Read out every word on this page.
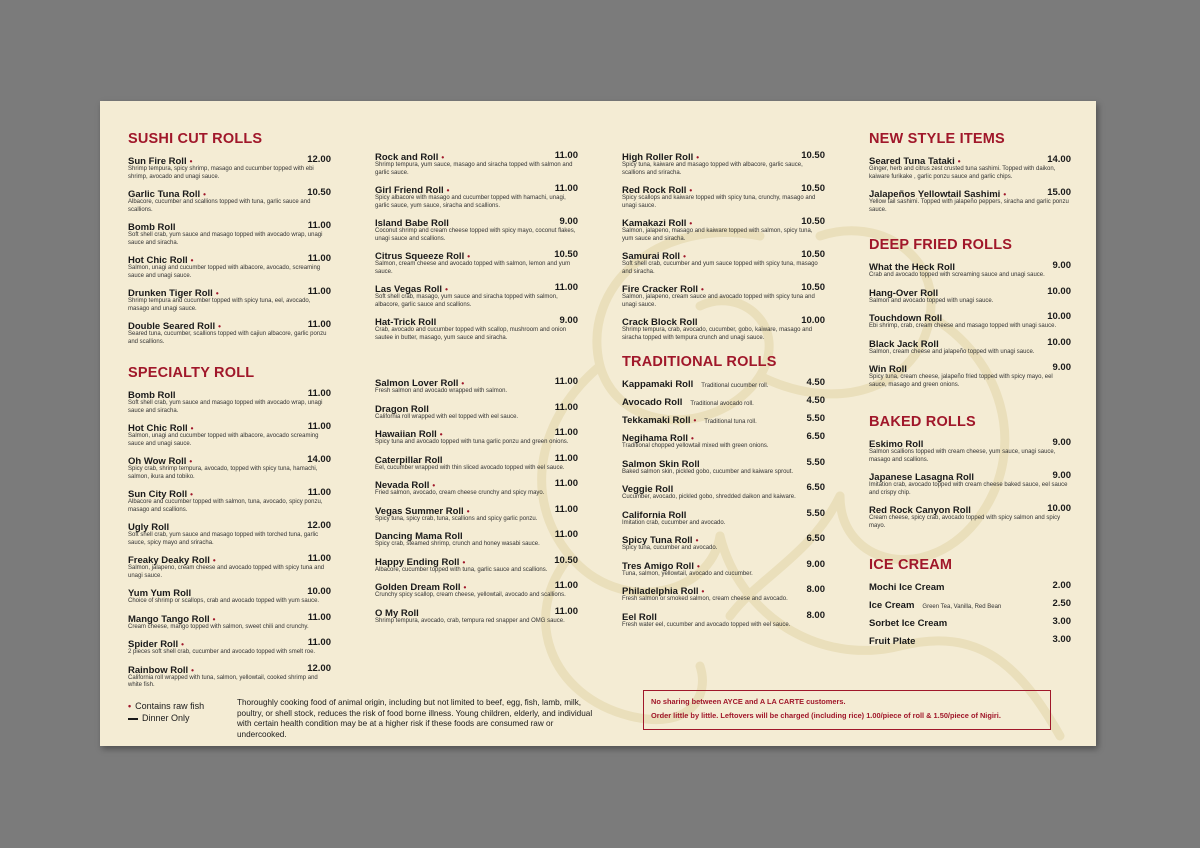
SUSHI CUT ROLLS
Sun Fire Roll •	12.00
Shrimp tempura, spicy shrimp, masago and cucumber topped with ebi shrimp, avocado and unagi sauce.
Garlic Tuna Roll •	10.50
Albacore, cucumber and scallions topped with tuna, garlic sauce and scallions.
Bomb Roll	11.00
Soft shell crab, yum sauce and masago topped with avocado wrap, unagi sauce and siracha.
Hot Chic Roll •	11.00
Salmon, unagi and cucumber topped with albacore, avocado, screaming sauce and unagi sauce.
Drunken Tiger Roll •	11.00
Shrimp tempura and cucumber topped with spicy tuna, eel, avocado, masago and unagi sauce.
Double Seared Roll •	11.00
Seared tuna, cucumber, scallions topped with cajiun albacore, garlic ponzu and scallions.
SPECIALTY ROLL
Bomb Roll	11.00
Soft shell crab, yum sauce and masago topped with avocado wrap, unagi sauce and siracha.
Hot Chic Roll •	11.00
Salmon, unagi and cucumber topped with albacore, avocado screaming sauce and unagi sauce.
Oh Wow Roll •	14.00
Spicy crab, shrimp tempura, avocado, topped with spicy tuna, hamachi, salmon, ikura and tobiko.
Sun City Roll •	11.00
Albacore and cucumber topped with salmon, tuna, avocado, spicy ponzu, masago and scallions.
Ugly Roll	12.00
Soft shell crab, yum sauce and masago topped with torched tuna, garlic sauce, spicy mayo and sriracha.
Freaky Deaky Roll •	11.00
Salmon, jalapeno, cream cheese and avocado topped with spicy tuna and unagi sauce.
Yum Yum Roll	10.00
Choice of shrimp or scallops, crab and avocado topped with yum sauce.
Mango Tango Roll •	11.00
Cream cheese, mango topped with salmon, sweet chili and crunchy.
Spider Roll •	11.00
2 pieces soft shell crab, cucumber and avocado topped with smelt roe.
Rainbow Roll •	12.00
California roll wrapped with tuna, salmon, yellowtail, cooked shrimp and white fish.
Rock and Roll •	11.00
Shrimp tempura, yum sauce, masago and siracha topped with salmon and garlic sauce.
Girl Friend Roll •	11.00
Spicy albacore with masago and cucumber topped with hamachi, unagi, garlic sauce, yum sauce, siracha and scallions.
Island Babe Roll	9.00
Coconut shrimp and cream cheese topped with spicy mayo, coconut flakes, unagi sauce and scallions.
Citrus Squeeze Roll •	10.50
Salmon, cream cheese and avocado topped with salmon, lemon and yum sauce.
Las Vegas Roll •	11.00
Soft shell crab, masago, yum sauce and siracha topped with salmon, albacore, garlic sauce and scallions.
Hat-Trick Roll	9.00
Crab, avocado and cucumber topped with scallop, mushroom and onion sautee in butter, masago, yum sauce and siracha.
Salmon Lover Roll •	11.00
Fresh salmon and avocado wrapped with salmon.
Dragon Roll	11.00
California roll wrapped with eel topped with eel sauce.
Hawaiian Roll •	11.00
Spicy tuna and avocado topped with tuna garlic ponzu and green onions.
Caterpillar Roll	11.00
Eel, cucumber wrapped with thin sliced avocado topped with eel sauce.
Nevada Roll •	11.00
Fried salmon, avocado, cream cheese crunchy and spicy mayo.
Vegas Summer Roll •	11.00
Spicy tuna, spicy crab, tuna, scallions and spicy garlic ponzu.
Dancing Mama Roll	11.00
Spicy crab, steamed shrimp, crunch and honey wasabi sauce.
Happy Ending Roll •	10.50
Albacore, cucumber topped with tuna, garlic sauce and scallions.
Golden Dream Roll •	11.00
Crunchy spicy scallop, cream cheese, yellowtail, avocado and scallions.
O My Roll	11.00
Shrimp tempura, avocado, crab, tempura red snapper and OMG sauce.
High Roller Roll •	10.50
Spicy tuna, kaiware and masago topped with albacore, garlic sauce, scallions and sriracha.
Red Rock Roll •	10.50
Spicy scallops and kaiware topped with spicy tuna, crunchy, masago and unagi sauce.
Kamakazi Roll •	10.50
Salmon, jalapeno, masago and kaiware topped with salmon, spicy tuna, yum sauce and siracha.
Samurai Roll •	10.50
Soft shell crab, cucumber and yum sauce topped with spicy tuna, masago and siracha.
Fire Cracker Roll •	10.50
Salmon, jalapeno, cream sauce and avocado topped with spicy tuna and unagi sauce.
Crack Block Roll	10.00
Shrimp tempura, crab, avocado, cucumber, gobo, kaiware, masago and siracha topped with tempura crunch and unagi sauce.
TRADITIONAL ROLLS
Kappamaki Roll Traditional cucumber roll.	4.50
Avocado Roll Traditional avocado roll.	4.50
Tekkamaki Roll • Traditional tuna roll.	5.50
Negihama Roll •	6.50
Traditional chopped yellowtail mixed with green onions.
Salmon Skin Roll	5.50
Baked salmon skin, pickled gobo, cucumber and kaiware sprout.
Veggie Roll	6.50
Cucumber, avocado, pickled gobo, shredded daikon and kaiware.
California Roll	5.50
Imitation crab, cucumber and avocado.
Spicy Tuna Roll •	6.50
Spicy tuna, cucumber and avocado.
Tres Amigo Roll •	9.00
Tuna, salmon, yellowtail, avocado and cucumber.
Philadelphia Roll •	8.00
Fresh salmon or smoked salmon, cream cheese and avocado.
Eel Roll	8.00
Fresh water eel, cucumber and avocado topped with eel sauce.
NEW STYLE ITEMS
Seared Tuna Tataki •	14.00
Ginger, herb and citrus zest crusted tuna sashimi. Topped with daikon, kaiware furikake , garlic ponzu sauce and garlic chips.
Jalapeños Yellowtail Sashimi •	15.00
Yellow tail sashimi. Topped with jalapeño peppers, siracha and garlic ponzu sauce.
DEEP FRIED ROLLS
What the Heck Roll	9.00
Crab and avocado topped with screaming sauce and unagi sauce.
Hang-Over Roll	10.00
Salmon and avocado topped with unagi sauce.
Touchdown Roll	10.00
Ebi shrimp, crab, cream cheese and masago topped with unagi sauce.
Black Jack Roll	10.00
Salmon, cream cheese and jalapeño topped with unagi sauce.
Win Roll	9.00
Spicy tuna, cream cheese, jalapeño fried topped with spicy mayo, eel sauce, masago and green onions.
BAKED ROLLS
Eskimo Roll	9.00
Salmon scallions topped with cream cheese, yum sauce, unagi sauce, masago and scallions.
Japanese Lasagna Roll	9.00
Imitation crab, avocado topped with cream cheese baked sauce, eel sauce and crispy chip.
Red Rock Canyon Roll	10.00
Cream cheese, spicy crab, avocado topped with spicy salmon and spicy mayo.
ICE CREAM
Mochi Ice Cream	2.00
Ice Cream Green Tea, Vanilla, Red Bean	2.50
Sorbet Ice Cream	3.00
Fruit Plate	3.00
• Contains raw fish
Dinner Only
Thoroughly cooking food of animal origin, including but not limited to beef, egg, fish, lamb, milk, poultry, or shell stock, reduces the risk of food borne illness. Young children, elderly, and individual with certain health condition may be at a higher risk if these foods are consumed raw or undercooked.
No sharing between AYCE and A LA CARTE customers.
Order little by little. Leftovers will be charged (including rice) 1.00/piece of roll & 1.50/piece of Nigiri.
